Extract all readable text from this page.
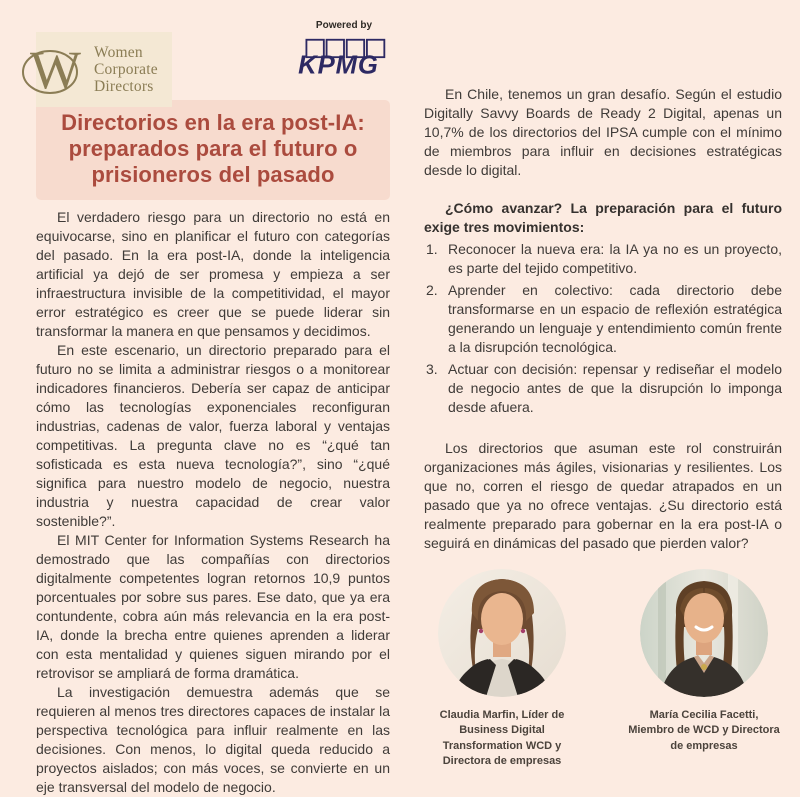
W Women
Corporate
Directors
Powered by
KPMG
Directorios en la era post-IA: preparados para el futuro o prisioneros del pasado

El verdadero riesgo para un directorio no está en equivocarse, sino en planificar el futuro con categorías del pasado. En la era post-IA, donde la inteligencia artificial ya dejó de ser promesa y empieza a ser infraestructura invisible de la competitividad, el mayor error estratégico es creer que se puede liderar sin transformar la manera en que pensamos y decidimos.

En este escenario, un directorio preparado para el futuro no se limita a administrar riesgos o a monitorear indicadores financieros. Debería ser capaz de anticipar cómo las tecnologías exponenciales reconfiguran industrias, cadenas de valor, fuerza laboral y ventajas competitivas. La pregunta clave no es “¿qué tan sofisticada es esta nueva tecnología?”, sino “¿qué significa para nuestro modelo de negocio, nuestra industria y nuestra capacidad de crear valor sostenible?”.

El MIT Center for Information Systems Research ha demostrado que las compañías con directorios digitalmente competentes logran retornos 10,9 puntos porcentuales por sobre sus pares. Ese dato, que ya era contundente, cobra aún más relevancia en la era post-IA, donde la brecha entre quienes aprenden a liderar con esta mentalidad y quienes siguen mirando por el retrovisor se ampliará de forma dramática.

La investigación demuestra además que se requieren al menos tres directores capaces de instalar la perspectiva tecnológica para influir realmente en las decisiones. Con menos, lo digital queda reducido a proyectos aislados; con más voces, se convierte en un eje transversal del modelo de negocio.

En Chile, tenemos un gran desafío. Según el estudio Digitally Savvy Boards de Ready 2 Digital, apenas un 10,7% de los directorios del IPSA cumple con el mínimo de miembros para influir en decisiones estratégicas desde lo digital.

¿Cómo avanzar? La preparación para el futuro exige tres movimientos:

1. Reconocer la nueva era: la IA ya no es un proyecto, es parte del tejido competitivo.
2. Aprender en colectivo: cada directorio debe transformarse en un espacio de reflexión estratégica generando un lenguaje y entendimiento común frente a la disrupción tecnológica.
3. Actuar con decisión: repensar y rediseñar el modelo de negocio antes de que la disrupción lo imponga desde afuera.

Los directorios que asuman este rol construirán organizaciones más ágiles, visionarias y resilientes. Los que no, corren el riesgo de quedar atrapados en un pasado que ya no ofrece ventajas. ¿Su directorio está realmente preparado para gobernar en la era post-IA o seguirá en dinámicas del pasado que pierden valor?

Claudia Marfin, Líder de Business Digital Transformation WCD y Directora de empresas
María Cecilia Facetti, Miembro de WCD y Directora de empresas
